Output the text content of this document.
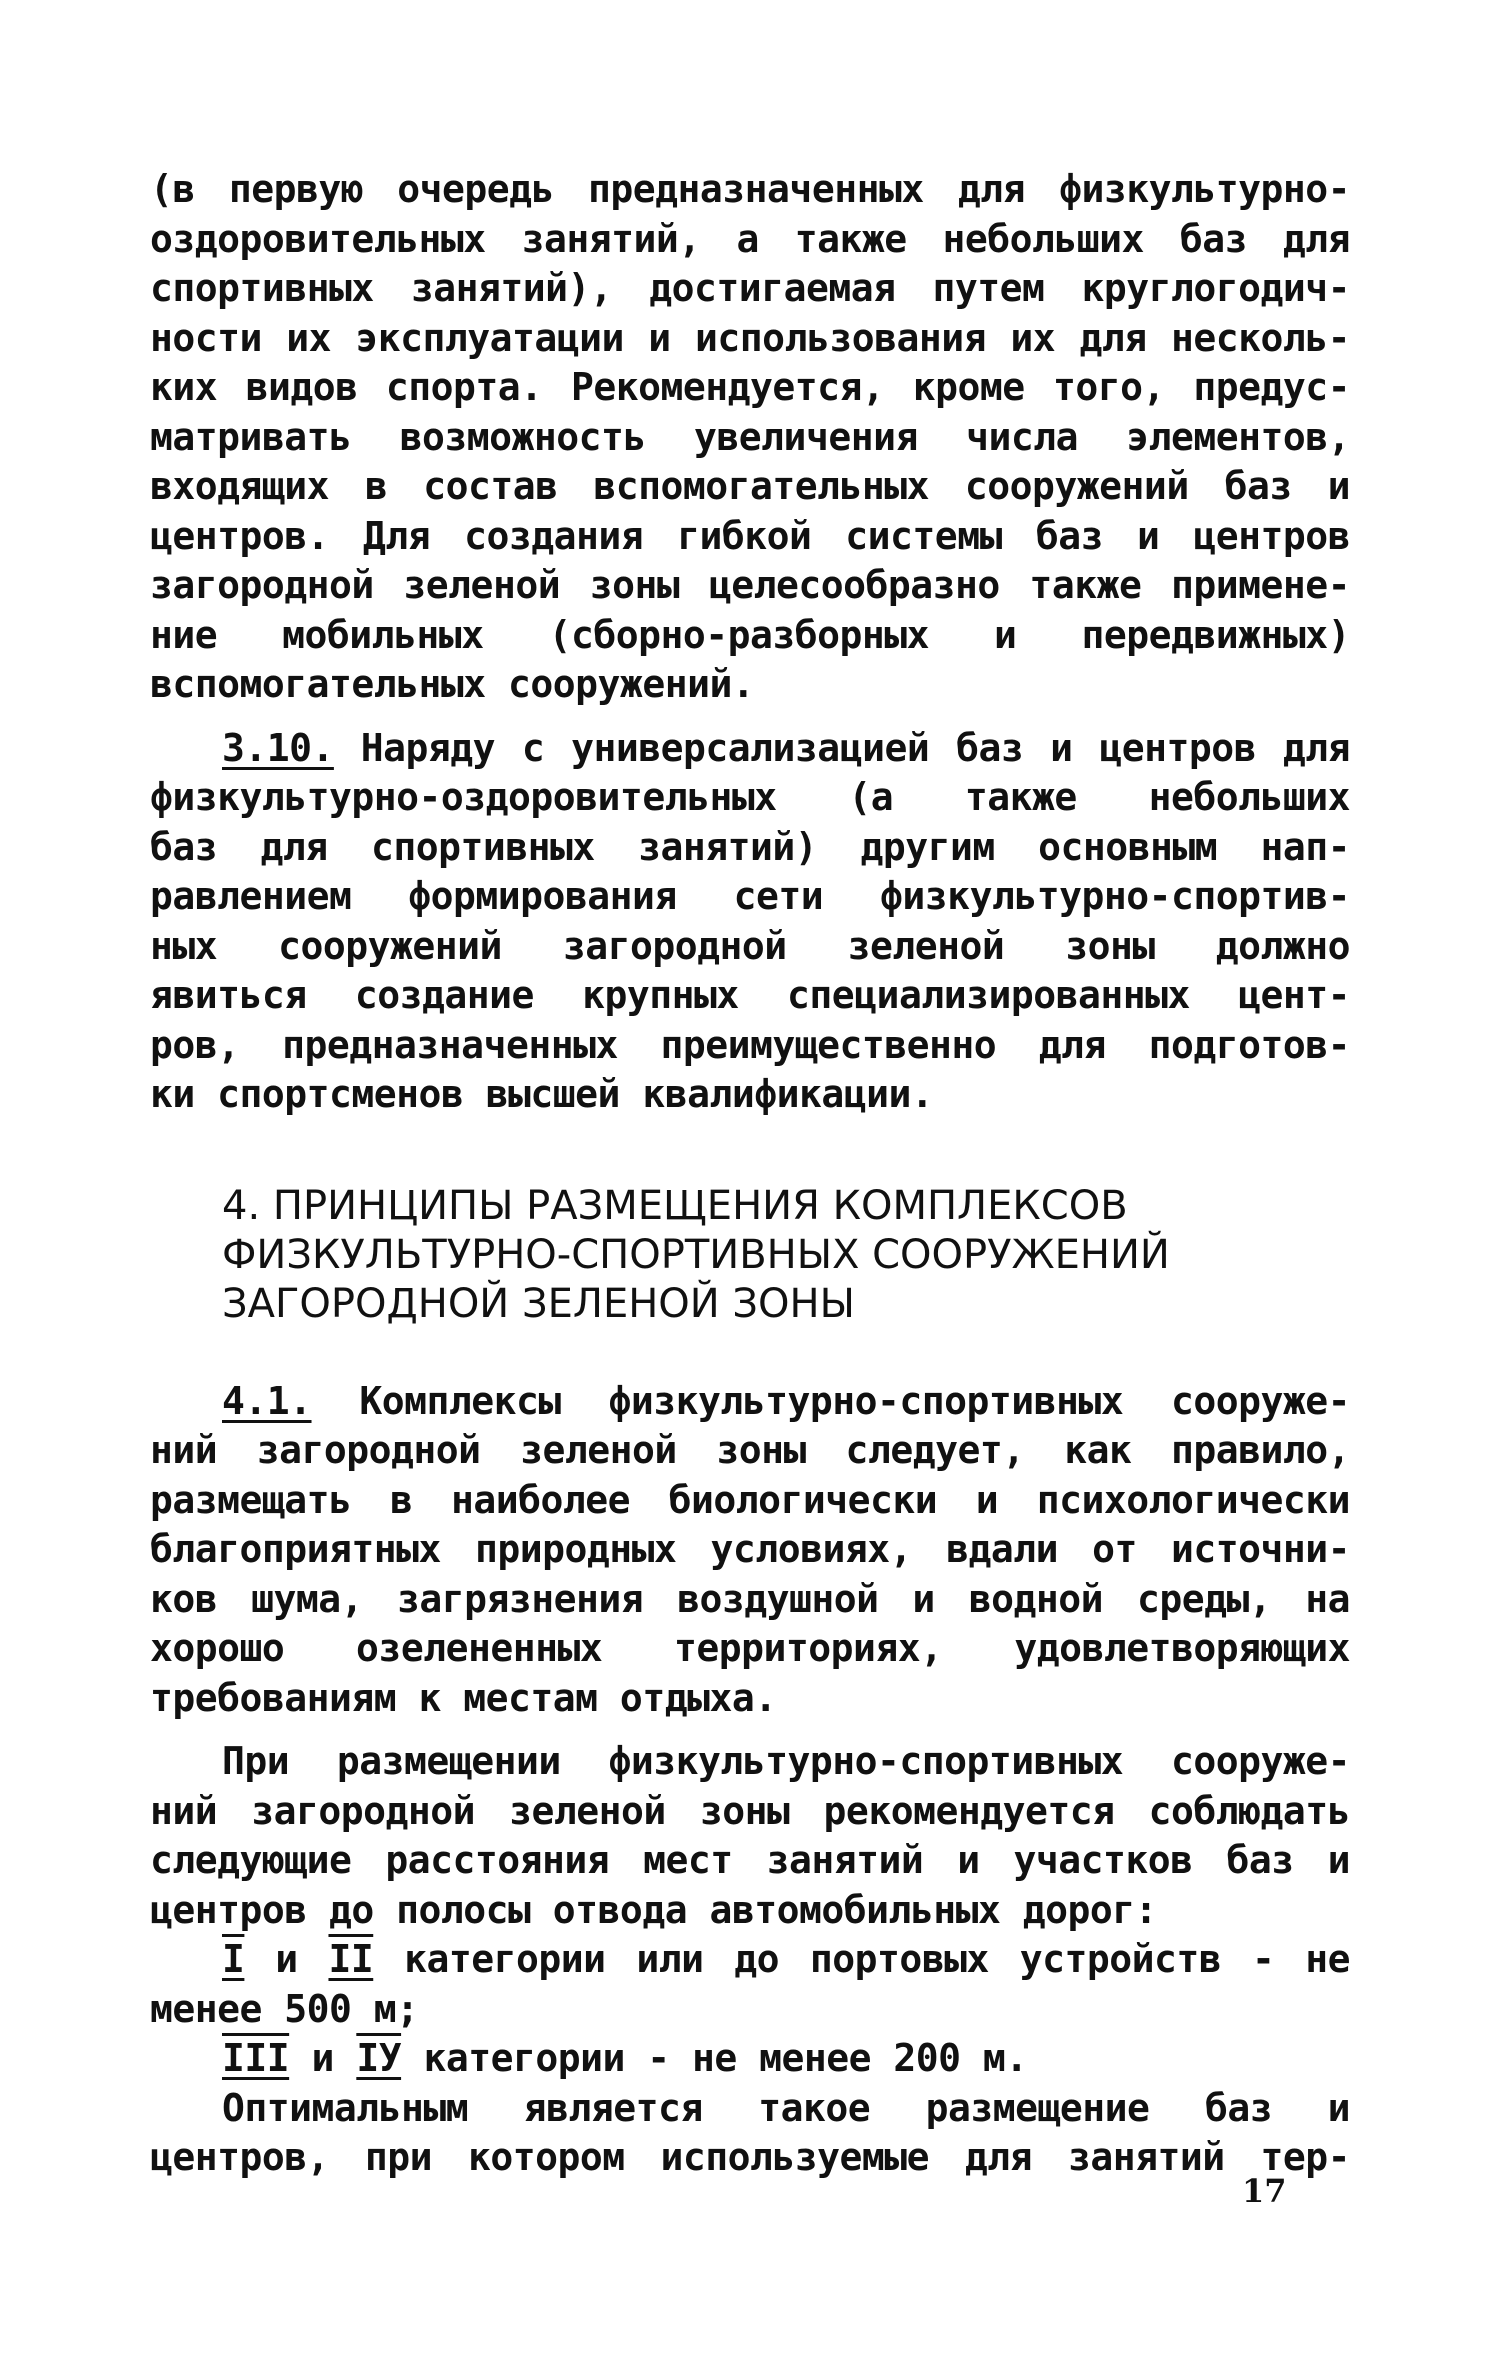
(в первую очередь предназначенных для физкультурно-
оздоровительных занятий, а также небольших баз для
спортивных занятий), достигаемая путем круглогодич-
ности их эксплуатации и использования их для несколь-
ких видов спорта. Рекомендуется, кроме того, предус-
матривать возможность увеличения числа элементов,
входящих в состав вспомогательных сооружений баз и
центров. Для создания гибкой системы баз и центров
загородной зеленой зоны целесообразно также примене-
ние мобильных (сборно-разборных и передвижных)
вспомогательных сооружений.
3.10. Наряду с универсализацией баз и центров для
физкультурно-оздоровительных (а также небольших
баз для спортивных занятий) другим основным нап-
равлением формирования сети физкультурно-спортив-
ных сооружений загородной зеленой зоны должно
явиться создание крупных специализированных цент-
ров, предназначенных преимущественно для подготов-
ки спортсменов высшей квалификации.
4. ПРИНЦИПЫ РАЗМЕЩЕНИЯ КОМПЛЕКСОВ
ФИЗКУЛЬТУРНО-СПОРТИВНЫХ СООРУЖЕНИЙ
ЗАГОРОДНОЙ ЗЕЛЕНОЙ ЗОНЫ
4.1. Комплексы физкультурно-спортивных сооруже-
ний загородной зеленой зоны следует, как правило,
размещать в наиболее биологически и психологически
благоприятных природных условиях, вдали от источни-
ков шума, загрязнения воздушной и водной среды, на
хорошо озелененных территориях, удовлетворяющих
требованиям к местам отдыха.
При размещении физкультурно-спортивных сооруже-
ний загородной зеленой зоны рекомендуется соблюдать
следующие расстояния мест занятий и участков баз и
центров до полосы отвода автомобильных дорог:
I и II категории или до портовых устройств - не
менее 500 м;
III и IУ категории - не менее 200 м.
Оптимальным является такое размещение баз и
центров, при котором используемые для занятий тер-
17
